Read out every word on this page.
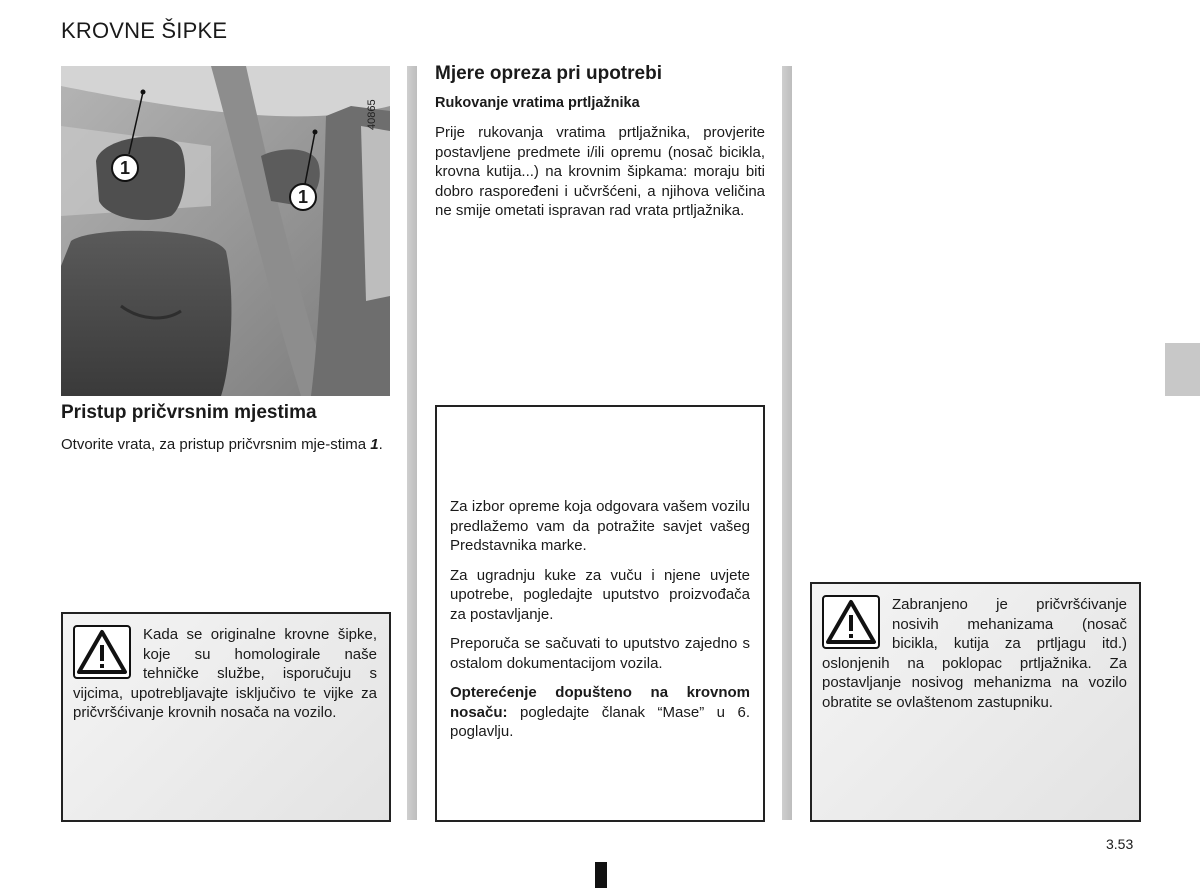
KROVNE ŠIPKE
1
1
40865
Pristup pričvrsnim mjestima
Otvorite vrata, za pristup pričvrsnim mje-stima 1.
Kada se originalne krovne šipke, koje su homologirale naše tehničke službe, isporučuju s vijcima, upotrebljavajte isključivo te vijke za pričvršćivanje krovnih nosača na vozilo.
Mjere opreza pri upotrebi
Rukovanje vratima prtljažnika
Prije rukovanja vratima prtljažnika, provjerite postavljene predmete i/ili opremu (nosač bicikla, krovna kutija...) na krovnim šipkama: moraju biti dobro raspoređeni i učvršćeni, a njihova veličina ne smije ometati ispravan rad vrata prtljažnika.

Za izbor opreme koja odgovara vašem vozilu predlažemo vam da potražite savjet vašeg Predstavnika marke.

Za ugradnju kuke za vuču i njene uvjete upotrebe, pogledajte uputstvo proizvođača za postavljanje.

Preporuča se sačuvati to uputstvo zajedno s ostalom dokumentacijom vozila.

Opterećenje dopušteno na krovnom nosaču: pogledajte članak “Mase” u 6. poglavlju.

Zabranjeno je pričvršćivanje nosivih mehanizama (nosač bicikla, kutija za prtljagu itd.) oslonjenih na poklopac prtljažnika. Za postavljanje nosivog mehanizma na vozilo obratite se ovlaštenom zastupniku.
3.53
